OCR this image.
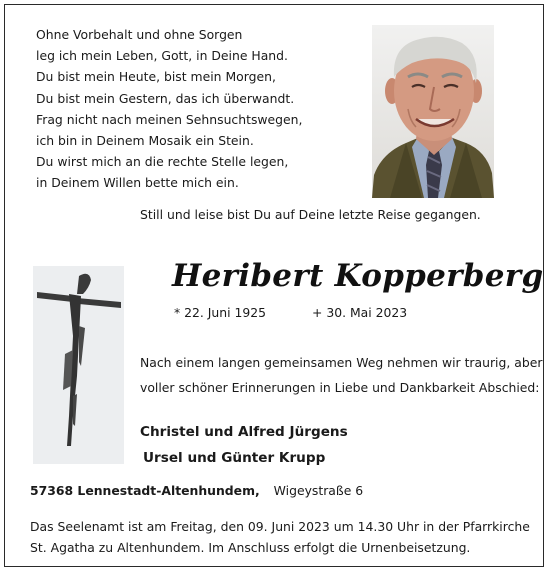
Ohne Vorbehalt und ohne Sorgen
leg ich mein Leben, Gott, in Deine Hand.
Du bist mein Heute, bist mein Morgen,
Du bist mein Gestern, das ich überwandt.
Frag nicht nach meinen Sehnsuchtswegen,
ich bin in Deinem Mosaik ein Stein.
Du wirst mich an die rechte Stelle legen,
in Deinem Willen bette mich ein.
Still und leise bist Du auf Deine letzte Reise gegangen.
Heribert Kopperberg
* 22. Juni 1925	+ 30. Mai 2023
Nach einem langen gemeinsamen Weg nehmen wir traurig, aber
voller schöner Erinnerungen in Liebe und Dankbarkeit Abschied:
Christel und Alfred Jürgens
Ursel und Günter Krupp
57368 Lennestadt-Altenhundem, Wigeystraße 6
Das Seelenamt ist am Freitag, den 09. Juni 2023 um 14.30 Uhr in der Pfarrkirche
St. Agatha zu Altenhundem. Im Anschluss erfolgt die Urnenbeisetzung.
